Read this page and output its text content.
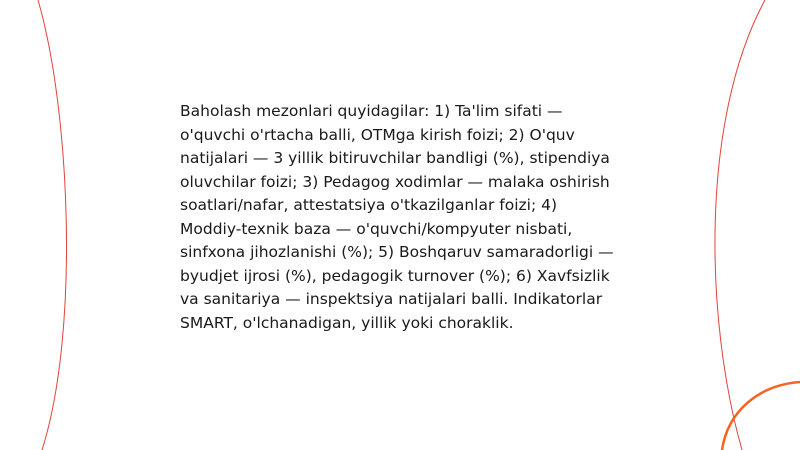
Baholash mezonlari quyidagilar: 1) Ta'lim sifati — o'quvchi o'rtacha balli, OTMga kirish foizi; 2) O'quv natijalari — 3 yillik bitiruvchilar bandligi (%), stipendiya oluvchilar foizi; 3) Pedagog xodimlar — malaka oshirish soatlari/nafar, attestatsiya o'tkazilganlar foizi; 4) Moddiy-texnik baza — o'quvchi/kompyuter nisbati, sinfxona jihozlanishi (%); 5) Boshqaruv samaradorligi — byudjet ijrosi (%), pedagogik turnover (%); 6) Xavfsizlik va sanitariya — inspektsiya natijalari balli. Indikatorlar SMART, o'lchanadigan, yillik yoki choraklik.
